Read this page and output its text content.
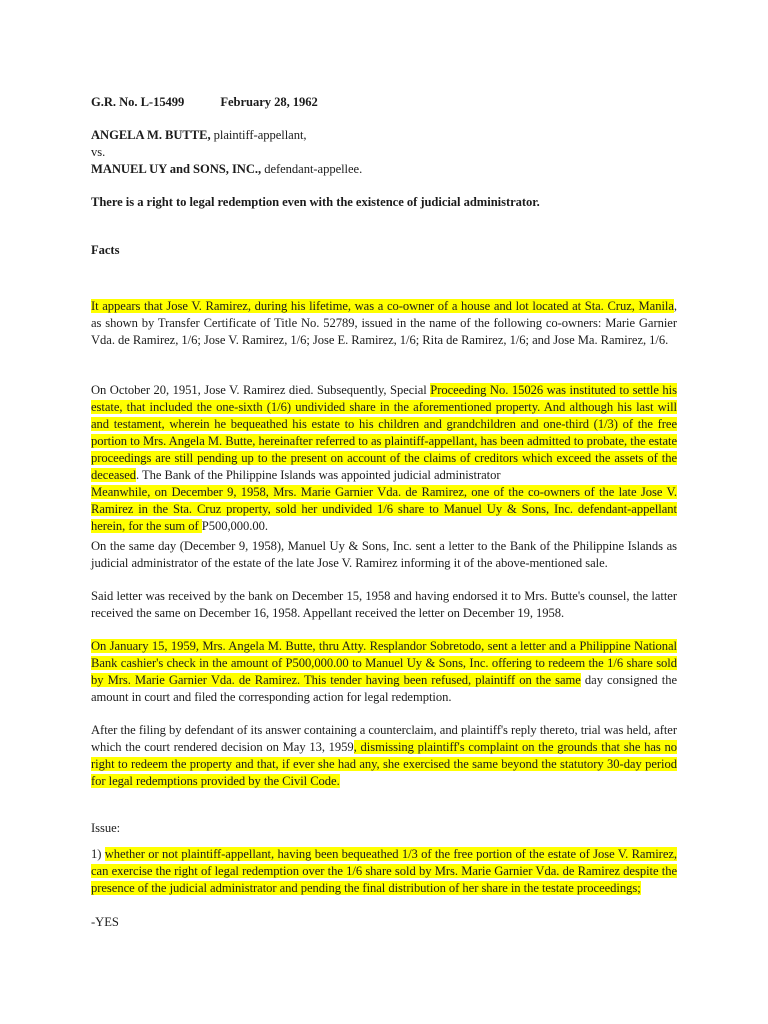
G.R. No. L-15499	February 28, 1962
ANGELA M. BUTTE, plaintiff-appellant,
vs.
MANUEL UY and SONS, INC., defendant-appellee.
There is a right to legal redemption even with the existence of judicial administrator.
Facts
It appears that Jose V. Ramirez, during his lifetime, was a co-owner of a house and lot located at Sta. Cruz, Manila, as shown by Transfer Certificate of Title No. 52789, issued in the name of the following co-owners: Marie Garnier Vda. de Ramirez, 1/6; Jose V. Ramirez, 1/6; Jose E. Ramirez, 1/6; Rita de Ramirez, 1/6; and Jose Ma. Ramirez, 1/6.
On October 20, 1951, Jose V. Ramirez died. Subsequently, Special Proceeding No. 15026 was instituted to settle his estate, that included the one-sixth (1/6) undivided share in the aforementioned property. And although his last will and testament, wherein he bequeathed his estate to his children and grandchildren and one-third (1/3) of the free portion to Mrs. Angela M. Butte, hereinafter referred to as plaintiff-appellant, has been admitted to probate, the estate proceedings are still pending up to the present on account of the claims of creditors which exceed the assets of the deceased. The Bank of the Philippine Islands was appointed judicial administrator
Meanwhile, on December 9, 1958, Mrs. Marie Garnier Vda. de Ramirez, one of the co-owners of the late Jose V. Ramirez in the Sta. Cruz property, sold her undivided 1/6 share to Manuel Uy & Sons, Inc. defendant-appellant herein, for the sum of P500,000.00.
On the same day (December 9, 1958), Manuel Uy & Sons, Inc. sent a letter to the Bank of the Philippine Islands as judicial administrator of the estate of the late Jose V. Ramirez informing it of the above-mentioned sale.
Said letter was received by the bank on December 15, 1958 and having endorsed it to Mrs. Butte's counsel, the latter received the same on December 16, 1958. Appellant received the letter on December 19, 1958.
On January 15, 1959, Mrs. Angela M. Butte, thru Atty. Resplandor Sobretodo, sent a letter and a Philippine National Bank cashier's check in the amount of P500,000.00 to Manuel Uy & Sons, Inc. offering to redeem the 1/6 share sold by Mrs. Marie Garnier Vda. de Ramirez. This tender having been refused, plaintiff on the same day consigned the amount in court and filed the corresponding action for legal redemption.
After the filing by defendant of its answer containing a counterclaim, and plaintiff's reply thereto, trial was held, after which the court rendered decision on May 13, 1959, dismissing plaintiff's complaint on the grounds that she has no right to redeem the property and that, if ever she had any, she exercised the same beyond the statutory 30-day period for legal redemptions provided by the Civil Code.
Issue:
1) whether or not plaintiff-appellant, having been bequeathed 1/3 of the free portion of the estate of Jose V. Ramirez, can exercise the right of legal redemption over the 1/6 share sold by Mrs. Marie Garnier Vda. de Ramirez despite the presence of the judicial administrator and pending the final distribution of her share in the testate proceedings;
-YES
